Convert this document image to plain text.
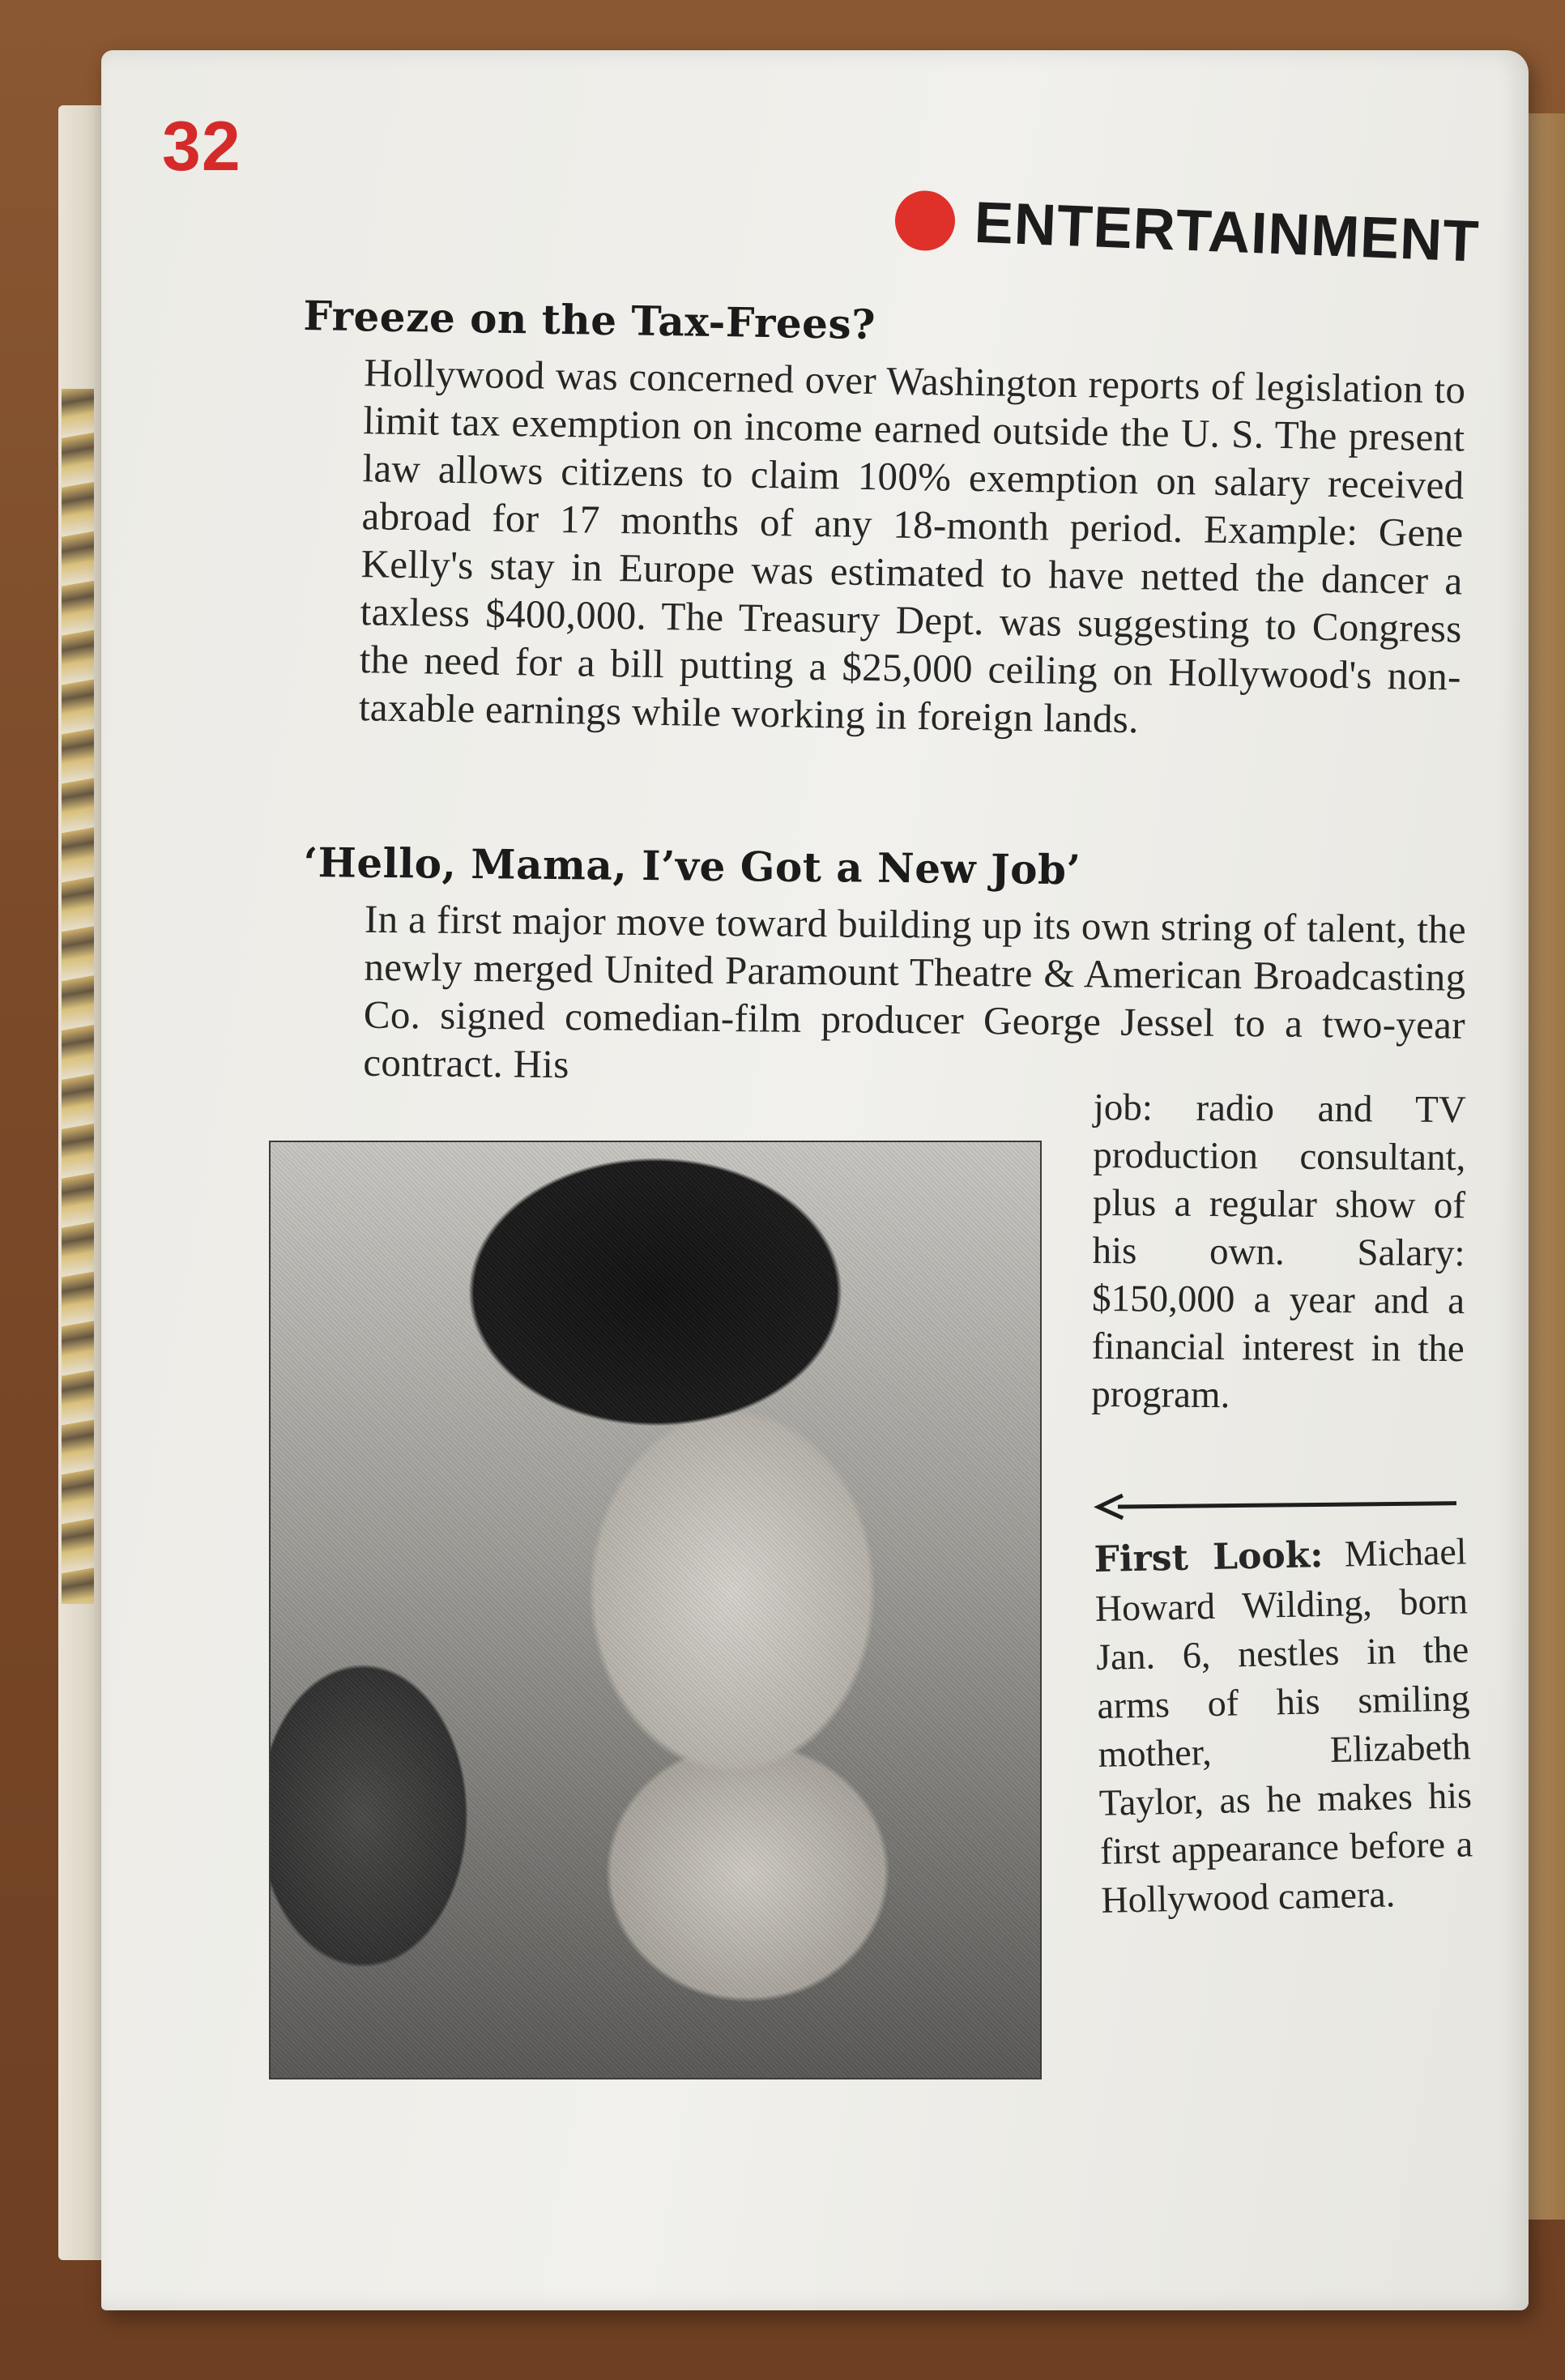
32
ENTERTAINMENT
Freeze on the Tax-Frees?

Hollywood was concerned over Washington reports of legislation to limit tax exemption on income earned outside the U. S. The present law allows citizens to claim 100% exemption on salary received abroad for 17 months of any 18-month period. Example: Gene Kelly's stay in Europe was estimated to have netted the dancer a taxless $400,000. The Treasury Dept. was suggesting to Congress the need for a bill putting a $25,000 ceiling on Hollywood's non-taxable earnings while working in foreign lands.

‘Hello, Mama, I’ve Got a New Job’

In a first major move toward building up its own string of talent, the newly merged United Paramount Theatre & American Broadcasting Co. signed comedian-film producer George Jessel to a two-year contract. His

job: radio and TV production consultant, plus a regular show of his own. Salary: $150,000 a year and a financial interest in the program.
First Look: Michael Howard Wilding, born Jan. 6, nestles in the arms of his smiling mother, Elizabeth Taylor, as he makes his first appearance before a Hollywood camera.
